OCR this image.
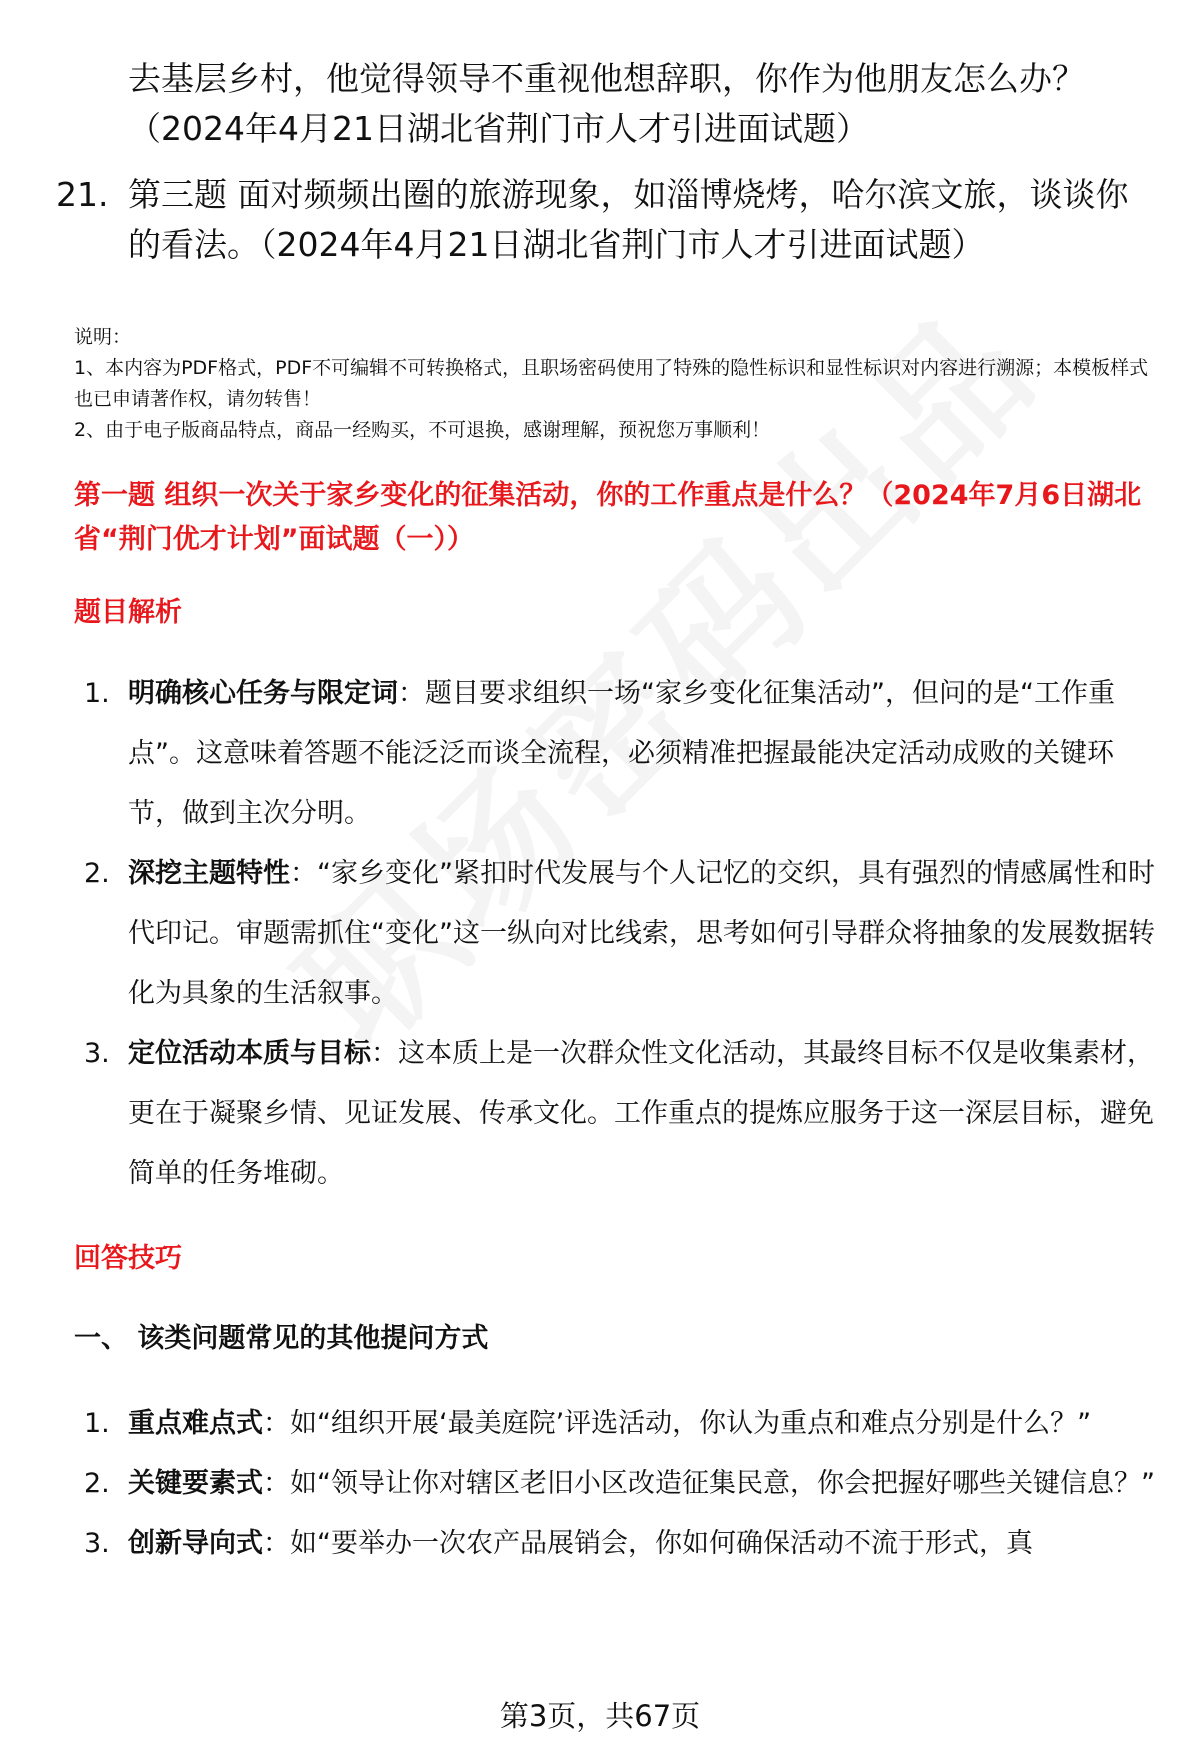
去基层乡村，他觉得领导不重视他想辞职，你作为他朋友怎么办？（2024年4月21日湖北省荆门市人才引进面试题）
21. 第三题 面对频频出圈的旅游现象，如淄博烧烤，哈尔滨文旅，谈谈你的看法。（2024年4月21日湖北省荆门市人才引进面试题）
说明：
1、本内容为PDF格式，PDF不可编辑不可转换格式，且职场密码使用了特殊的隐性标识和显性标识对内容进行溯源；本模板样式也已申请著作权，请勿转售！
2、由于电子版商品特点，商品一经购买，不可退换，感谢理解，预祝您万事顺利！
第一题 组织一次关于家乡变化的征集活动，你的工作重点是什么？（2024年7月6日湖北省“荆门优才计划”面试题（一））
题目解析
1. 明确核心任务与限定词：题目要求组织一场“家乡变化征集活动”，但问的是“工作重点”。这意味着答题不能泛泛而谈全流程，必须精准把握最能决定活动成败的关键环节，做到主次分明。
2. 深挖主题特性：“家乡变化”紧扣时代发展与个人记忆的交织，具有强烈的情感属性和时代印记。审题需抓住“变化”这一纵向对比线索，思考如何引导群众将抽象的发展数据转化为具象的生活叙事。
3. 定位活动本质与目标：这本质上是一次群众性文化活动，其最终目标不仅是收集素材，更在于凝聚乡情、见证发展、传承文化。工作重点的提炼应服务于这一深层目标，避免简单的任务堆砌。
回答技巧
一、 该类问题常见的其他提问方式
1. 重点难点式：如“组织开展‘最美庭院’评选活动，你认为重点和难点分别是什么？”
2. 关键要素式：如“领导让你对辖区老旧小区改造征集民意，你会把握好哪些关键信息？”
3. 创新导向式：如“要举办一次农产品展销会，你如何确保活动不流于形式，真
第3页，共67页
